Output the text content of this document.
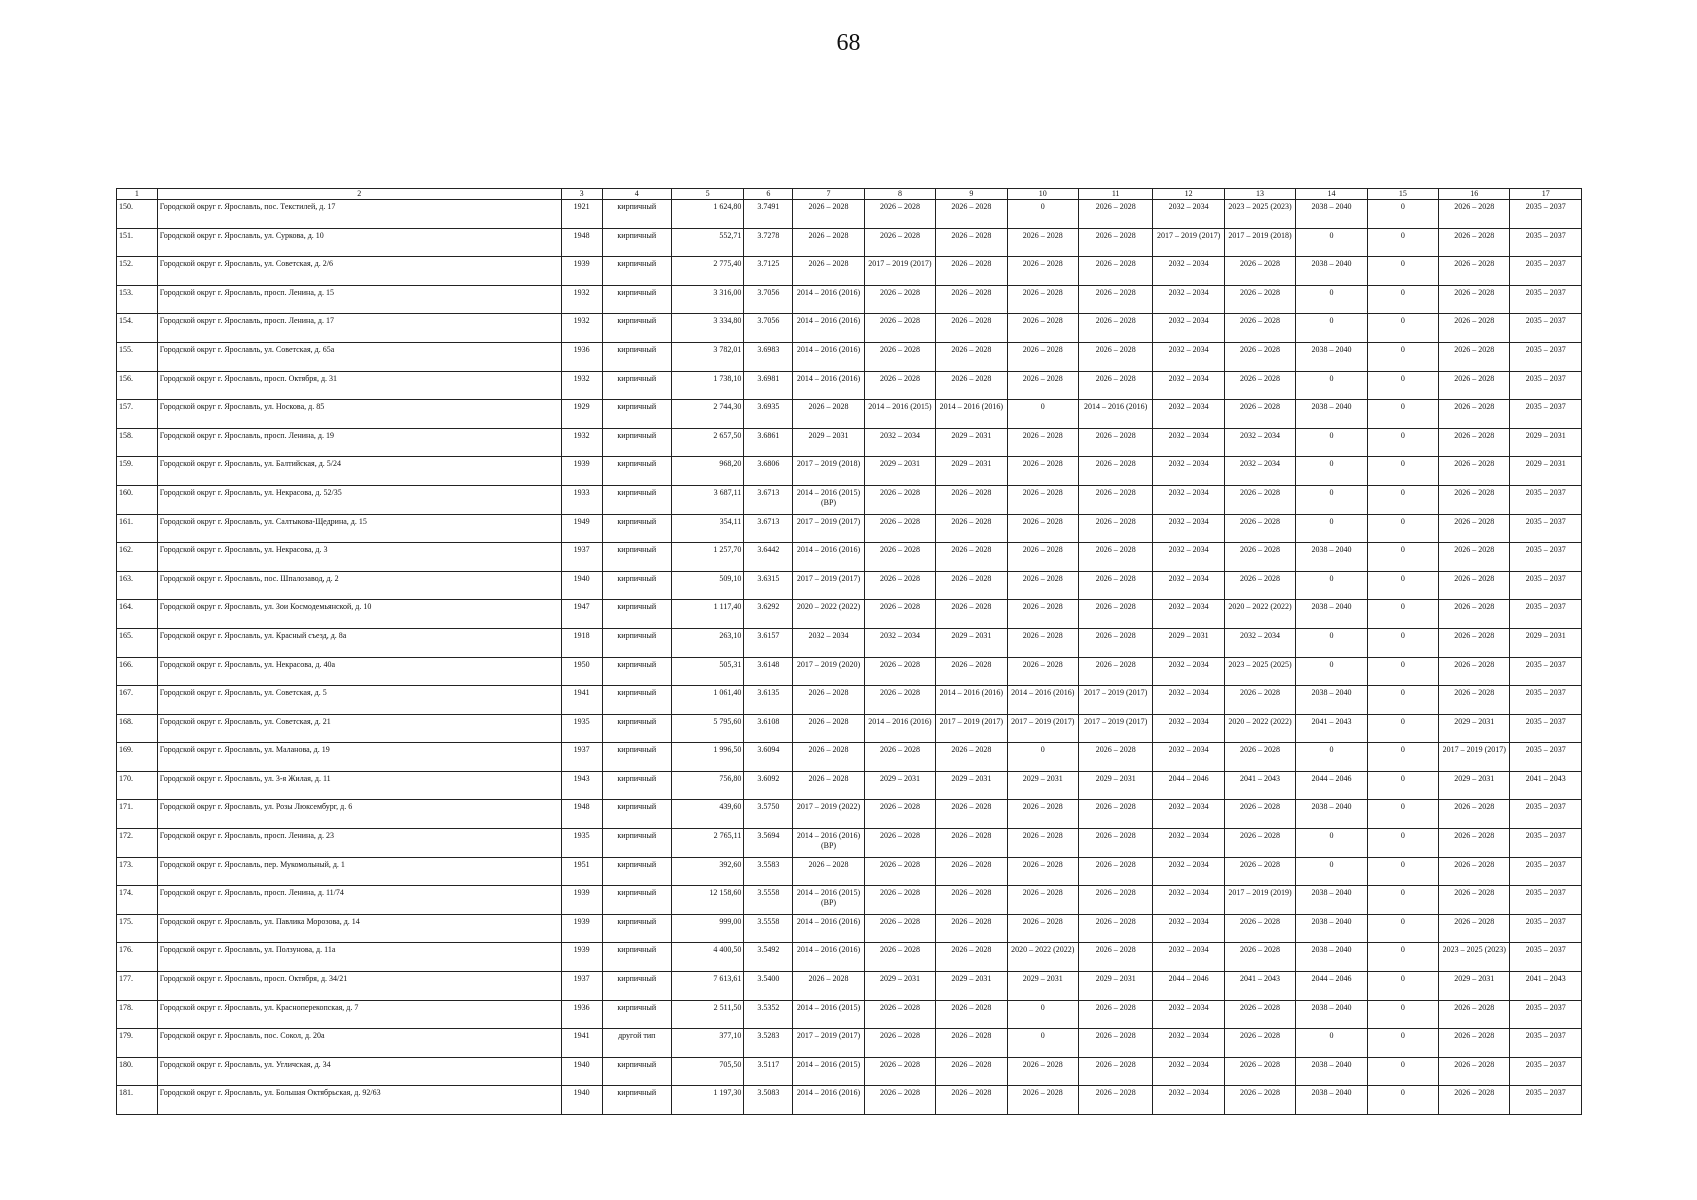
68
1	2	3	4	5	6	7	8	9	10	11	12	13	14	15	16	17
150.	Городской округ г. Ярославль, пос. Текстилей, д. 17	1921	кирпичный	1 624,80	3.7491	2026 – 2028	2026 – 2028	2026 – 2028	0	2026 – 2028	2032 – 2034	2023 – 2025 (2023)	2038 – 2040	0	2026 – 2028	2035 – 2037
151.	Городской округ г. Ярославль, ул. Суркова, д. 10	1948	кирпичный	552,71	3.7278	2026 – 2028	2026 – 2028	2026 – 2028	2026 – 2028	2026 – 2028	2017 – 2019 (2017)	2017 – 2019 (2018)	0	0	2026 – 2028	2035 – 2037
152.	Городской округ г. Ярославль, ул. Советская, д. 2/6	1939	кирпичный	2 775,40	3.7125	2026 – 2028	2017 – 2019 (2017)	2026 – 2028	2026 – 2028	2026 – 2028	2032 – 2034	2026 – 2028	2038 – 2040	0	2026 – 2028	2035 – 2037
153.	Городской округ г. Ярославль, просп. Ленина, д. 15	1932	кирпичный	3 316,00	3.7056	2014 – 2016 (2016)	2026 – 2028	2026 – 2028	2026 – 2028	2026 – 2028	2032 – 2034	2026 – 2028	0	0	2026 – 2028	2035 – 2037
154.	Городской округ г. Ярославль, просп. Ленина, д. 17	1932	кирпичный	3 334,80	3.7056	2014 – 2016 (2016)	2026 – 2028	2026 – 2028	2026 – 2028	2026 – 2028	2032 – 2034	2026 – 2028	0	0	2026 – 2028	2035 – 2037
155.	Городской округ г. Ярославль, ул. Советская, д. 65а	1936	кирпичный	3 782,01	3.6983	2014 – 2016 (2016)	2026 – 2028	2026 – 2028	2026 – 2028	2026 – 2028	2032 – 2034	2026 – 2028	2038 – 2040	0	2026 – 2028	2035 – 2037
156.	Городской округ г. Ярославль, просп. Октября, д. 31	1932	кирпичный	1 738,10	3.6981	2014 – 2016 (2016)	2026 – 2028	2026 – 2028	2026 – 2028	2026 – 2028	2032 – 2034	2026 – 2028	0	0	2026 – 2028	2035 – 2037
157.	Городской округ г. Ярославль, ул. Носкова, д. 85	1929	кирпичный	2 744,30	3.6935	2026 – 2028	2014 – 2016 (2015)	2014 – 2016 (2016)	0	2014 – 2016 (2016)	2032 – 2034	2026 – 2028	2038 – 2040	0	2026 – 2028	2035 – 2037
158.	Городской округ г. Ярославль, просп. Ленина, д. 19	1932	кирпичный	2 657,50	3.6861	2029 – 2031	2032 – 2034	2029 – 2031	2026 – 2028	2026 – 2028	2032 – 2034	2032 – 2034	0	0	2026 – 2028	2029 – 2031
159.	Городской округ г. Ярославль, ул. Балтийская, д. 5/24	1939	кирпичный	968,20	3.6806	2017 – 2019 (2018)	2029 – 2031	2029 – 2031	2026 – 2028	2026 – 2028	2032 – 2034	2032 – 2034	0	0	2026 – 2028	2029 – 2031
160.	Городской округ г. Ярославль, ул. Некрасова, д. 52/35	1933	кирпичный	3 687,11	3.6713	2014 – 2016 (2015) (ВР)	2026 – 2028	2026 – 2028	2026 – 2028	2026 – 2028	2032 – 2034	2026 – 2028	0	0	2026 – 2028	2035 – 2037
161.	Городской округ г. Ярославль, ул. Салтыкова-Щедрина, д. 15	1949	кирпичный	354,11	3.6713	2017 – 2019 (2017)	2026 – 2028	2026 – 2028	2026 – 2028	2026 – 2028	2032 – 2034	2026 – 2028	0	0	2026 – 2028	2035 – 2037
162.	Городской округ г. Ярославль, ул. Некрасова, д. 3	1937	кирпичный	1 257,70	3.6442	2014 – 2016 (2016)	2026 – 2028	2026 – 2028	2026 – 2028	2026 – 2028	2032 – 2034	2026 – 2028	2038 – 2040	0	2026 – 2028	2035 – 2037
163.	Городской округ г. Ярославль, пос. Шпалозавод, д. 2	1940	кирпичный	509,10	3.6315	2017 – 2019 (2017)	2026 – 2028	2026 – 2028	2026 – 2028	2026 – 2028	2032 – 2034	2026 – 2028	0	0	2026 – 2028	2035 – 2037
164.	Городской округ г. Ярославль, ул. Зои Космодемьянской, д. 10	1947	кирпичный	1 117,40	3.6292	2020 – 2022 (2022)	2026 – 2028	2026 – 2028	2026 – 2028	2026 – 2028	2032 – 2034	2020 – 2022 (2022)	2038 – 2040	0	2026 – 2028	2035 – 2037
165.	Городской округ г. Ярославль, ул. Красный съезд, д. 8а	1918	кирпичный	263,10	3.6157	2032 – 2034	2032 – 2034	2029 – 2031	2026 – 2028	2026 – 2028	2029 – 2031	2032 – 2034	0	0	2026 – 2028	2029 – 2031
166.	Городской округ г. Ярославль, ул. Некрасова, д. 40а	1950	кирпичный	505,31	3.6148	2017 – 2019 (2020)	2026 – 2028	2026 – 2028	2026 – 2028	2026 – 2028	2032 – 2034	2023 – 2025 (2025)	0	0	2026 – 2028	2035 – 2037
167.	Городской округ г. Ярославль, ул. Советская, д. 5	1941	кирпичный	1 061,40	3.6135	2026 – 2028	2026 – 2028	2014 – 2016 (2016)	2014 – 2016 (2016)	2017 – 2019 (2017)	2032 – 2034	2026 – 2028	2038 – 2040	0	2026 – 2028	2035 – 2037
168.	Городской округ г. Ярославль, ул. Советская, д. 21	1935	кирпичный	5 795,60	3.6108	2026 – 2028	2014 – 2016 (2016)	2017 – 2019 (2017)	2017 – 2019 (2017)	2017 – 2019 (2017)	2032 – 2034	2020 – 2022 (2022)	2041 – 2043	0	2029 – 2031	2035 – 2037
169.	Городской округ г. Ярославль, ул. Маланова, д. 19	1937	кирпичный	1 996,50	3.6094	2026 – 2028	2026 – 2028	2026 – 2028	0	2026 – 2028	2032 – 2034	2026 – 2028	0	0	2017 – 2019 (2017)	2035 – 2037
170.	Городской округ г. Ярославль, ул. 3-я Жилая, д. 11	1943	кирпичный	756,80	3.6092	2026 – 2028	2029 – 2031	2029 – 2031	2029 – 2031	2029 – 2031	2044 – 2046	2041 – 2043	2044 – 2046	0	2029 – 2031	2041 – 2043
171.	Городской округ г. Ярославль, ул. Розы Люксембург, д. 6	1948	кирпичный	439,60	3.5750	2017 – 2019 (2022)	2026 – 2028	2026 – 2028	2026 – 2028	2026 – 2028	2032 – 2034	2026 – 2028	2038 – 2040	0	2026 – 2028	2035 – 2037
172.	Городской округ г. Ярославль, просп. Ленина, д. 23	1935	кирпичный	2 765,11	3.5694	2014 – 2016 (2016) (ВР)	2026 – 2028	2026 – 2028	2026 – 2028	2026 – 2028	2032 – 2034	2026 – 2028	0	0	2026 – 2028	2035 – 2037
173.	Городской округ г. Ярославль, пер. Мукомольный, д. 1	1951	кирпичный	392,60	3.5583	2026 – 2028	2026 – 2028	2026 – 2028	2026 – 2028	2026 – 2028	2032 – 2034	2026 – 2028	0	0	2026 – 2028	2035 – 2037
174.	Городской округ г. Ярославль, просп. Ленина, д. 11/74	1939	кирпичный	12 158,60	3.5558	2014 – 2016 (2015) (ВР)	2026 – 2028	2026 – 2028	2026 – 2028	2026 – 2028	2032 – 2034	2017 – 2019 (2019)	2038 – 2040	0	2026 – 2028	2035 – 2037
175.	Городской округ г. Ярославль, ул. Павлика Морозова, д. 14	1939	кирпичный	999,00	3.5558	2014 – 2016 (2016)	2026 – 2028	2026 – 2028	2026 – 2028	2026 – 2028	2032 – 2034	2026 – 2028	2038 – 2040	0	2026 – 2028	2035 – 2037
176.	Городской округ г. Ярославль, ул. Ползунова, д. 11а	1939	кирпичный	4 400,50	3.5492	2014 – 2016 (2016)	2026 – 2028	2026 – 2028	2020 – 2022 (2022)	2026 – 2028	2032 – 2034	2026 – 2028	2038 – 2040	0	2023 – 2025 (2023)	2035 – 2037
177.	Городской округ г. Ярославль, просп. Октября, д. 34/21	1937	кирпичный	7 613,61	3.5400	2026 – 2028	2029 – 2031	2029 – 2031	2029 – 2031	2029 – 2031	2044 – 2046	2041 – 2043	2044 – 2046	0	2029 – 2031	2041 – 2043
178.	Городской округ г. Ярославль, ул. Красноперекопская, д. 7	1936	кирпичный	2 511,50	3.5352	2014 – 2016 (2015)	2026 – 2028	2026 – 2028	0	2026 – 2028	2032 – 2034	2026 – 2028	2038 – 2040	0	2026 – 2028	2035 – 2037
179.	Городской округ г. Ярославль, пос. Сокол, д. 20а	1941	другой тип	377,10	3.5283	2017 – 2019 (2017)	2026 – 2028	2026 – 2028	0	2026 – 2028	2032 – 2034	2026 – 2028	0	0	2026 – 2028	2035 – 2037
180.	Городской округ г. Ярославль, ул. Угличская, д. 34	1940	кирпичный	705,50	3.5117	2014 – 2016 (2015)	2026 – 2028	2026 – 2028	2026 – 2028	2026 – 2028	2032 – 2034	2026 – 2028	2038 – 2040	0	2026 – 2028	2035 – 2037
181.	Городской округ г. Ярославль, ул. Большая Октябрьская, д. 92/63	1940	кирпичный	1 197,30	3.5083	2014 – 2016 (2016)	2026 – 2028	2026 – 2028	2026 – 2028	2026 – 2028	2032 – 2034	2026 – 2028	2038 – 2040	0	2026 – 2028	2035 – 2037
